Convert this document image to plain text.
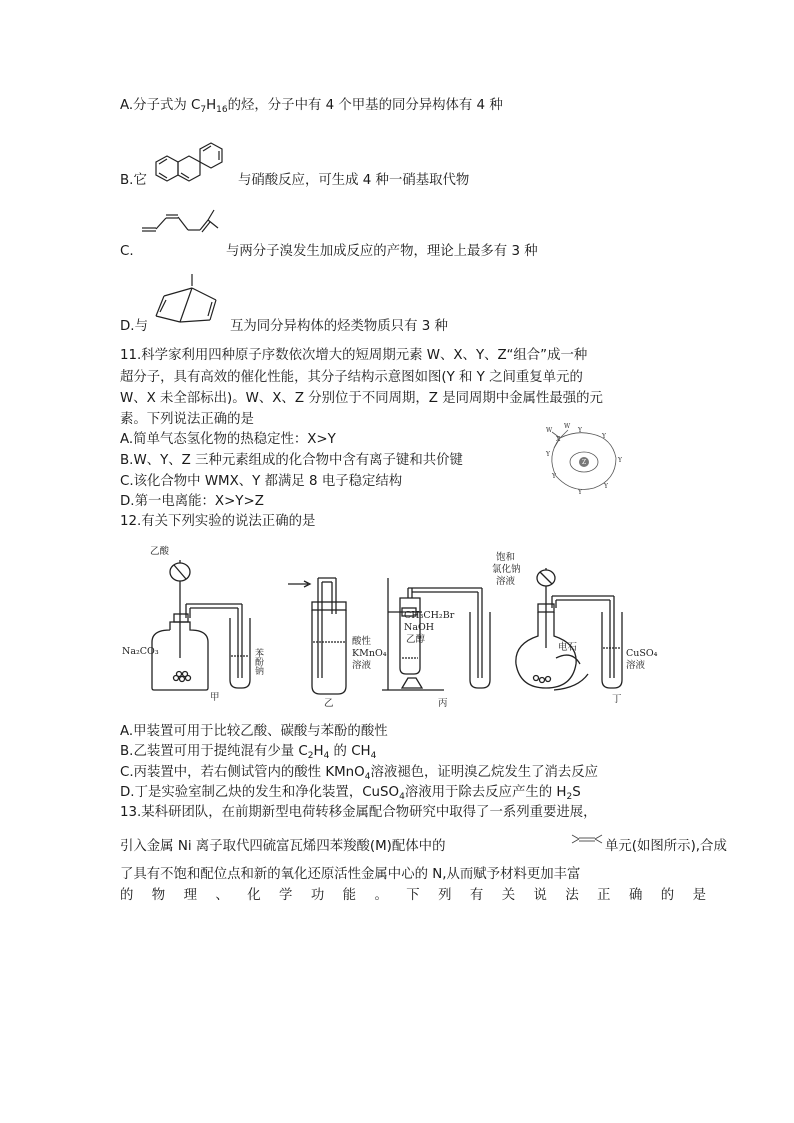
A.分子式为 $C_7H_{16}$的烃，分子中有 4 个甲基的同分异构体有 4 种
B.它	与硝酸反应，可生成 4 种一硝基取代物
C.	与两分子溴发生加成反应的产物，理论上最多有 3 种
D.与	互为同分异构体的烃类物质只有 3 种
11.科学家利用四种原子序数依次增大的短周期元素 W、X、Y、Z“组合”成一种
超分子，具有高效的催化性能，其分子结构示意图如图(Y 和 Y 之间重复单元的
W、X 未全部标出)。W、X、Z 分别位于不同周期，Z 是同周期中金属性最强的元
素。下列说法正确的是
A.简单气态氢化物的热稳定性：X>Y
B.W、Y、Z 三种元素组成的化合物中含有离子键和共价键
C.该化合物中 WMX、Y 都满足 8 电子稳定结构
D.第一电离能：X>Y>Z
Z
W
W
X
Y
Y
Y
Y
Y
Y
Y
12.有关下列实验的说法正确的是
乙酸
Na₂CO₃	苯酚钠
甲
酸性
KMnO₄
溶液
乙
CH₃CH₂Br
NaOH
乙醇
丙
饱和
氯化钠
溶液
电石
CuSO₄
溶液
丁
A.甲装置可用于比较乙酸、碳酸与苯酚的酸性
B.乙装置可用于提纯混有少量 $C_2H_4$ 的 $CH_4$
C.丙装置中，若右侧试管内的酸性 KMnO$_4$溶液褪色，证明溴乙烷发生了消去反应
D.丁是实验室制乙炔的发生和净化装置，CuSO$_4$溶液用于除去反应产生的 $H_2S$
13.某科研团队，在前期新型电荷转移金属配合物研究中取得了一系列重要进展，
引入金属 Ni 离子取代四硫富瓦烯四苯羧酸(M)配体中的	单元(如图所示),合成
了具有不饱和配位点和新的氧化还原活性金属中心的 N,从而赋予材料更加丰富
的物理、化学功能。下列有关说法正确的是
